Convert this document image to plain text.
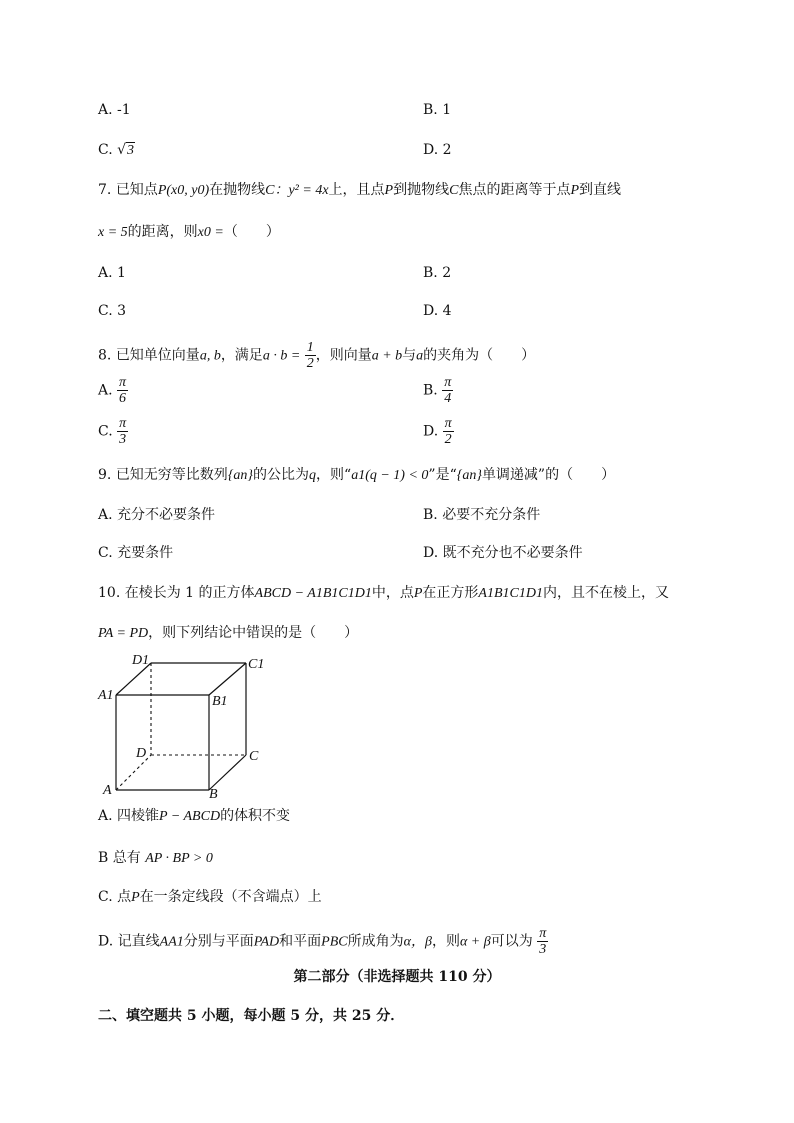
A. -1	B. 1
C. √3	D. 2
7. 已知点P(x0, y0)在抛物线C：y² = 4x上，且点P到抛物线C焦点的距离等于点P到直线
x = 5的距离，则x0 =（　　）
A. 1	B. 2
C. 3	D. 4
8. 已知单位向量a, b，满足$a \cdot b = \frac{1}{2}$ ，则向量a + b与a的夹角为（　　）
A. $\frac{\pi}{6}$	B. $\frac{\pi}{4}$
C. $\frac{\pi}{3}$	D. $\frac{\pi}{2}$
9. 已知无穷等比数列{an}的公比为q，则“a1(q − 1) < 0”是“{an}单调递减”的（　　）
A. 充分不必要条件	B. 必要不充分条件
C. 充要条件	D. 既不充分也不必要条件
10. 在棱长为 1 的正方体ABCD − A1B1C1D1中，点P在正方形A1B1C1D1内，且不在棱上，又
PA = PD，则下列结论中错误的是（　　）
D1	C1
A1	B1
D	C
A	B
A. 四棱锥P − ABCD的体积不变
B 总有 AP · BP > 0
C. 点P在一条定线段（不含端点）上
D. 记直线AA1分别与平面PAD和平面PBC所成角为α，β，则α + β可以为 $\frac{\pi}{3}$
第二部分（非选择题共 110 分）
二、填空题共 5 小题，每小题 5 分，共 25 分．
